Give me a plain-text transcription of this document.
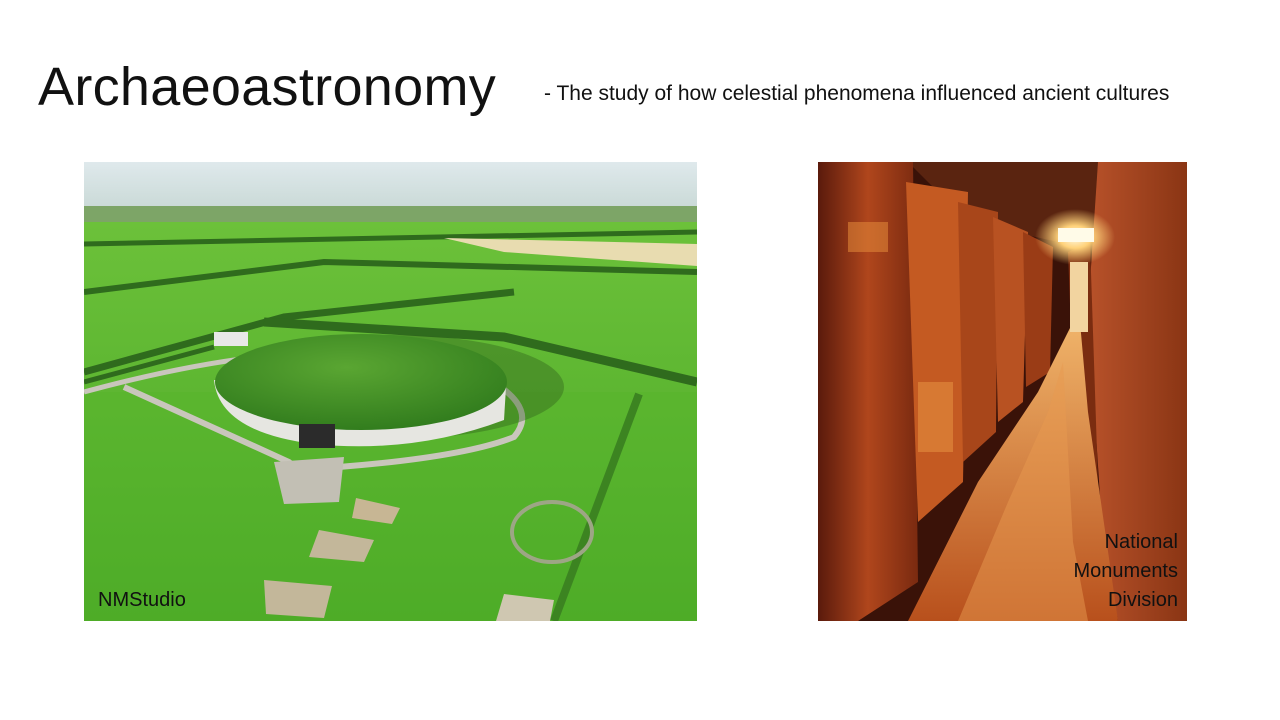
Archaeoastronomy - The study of how celestial phenomena influenced ancient cultures
NMStudio
National
Monuments
Division
